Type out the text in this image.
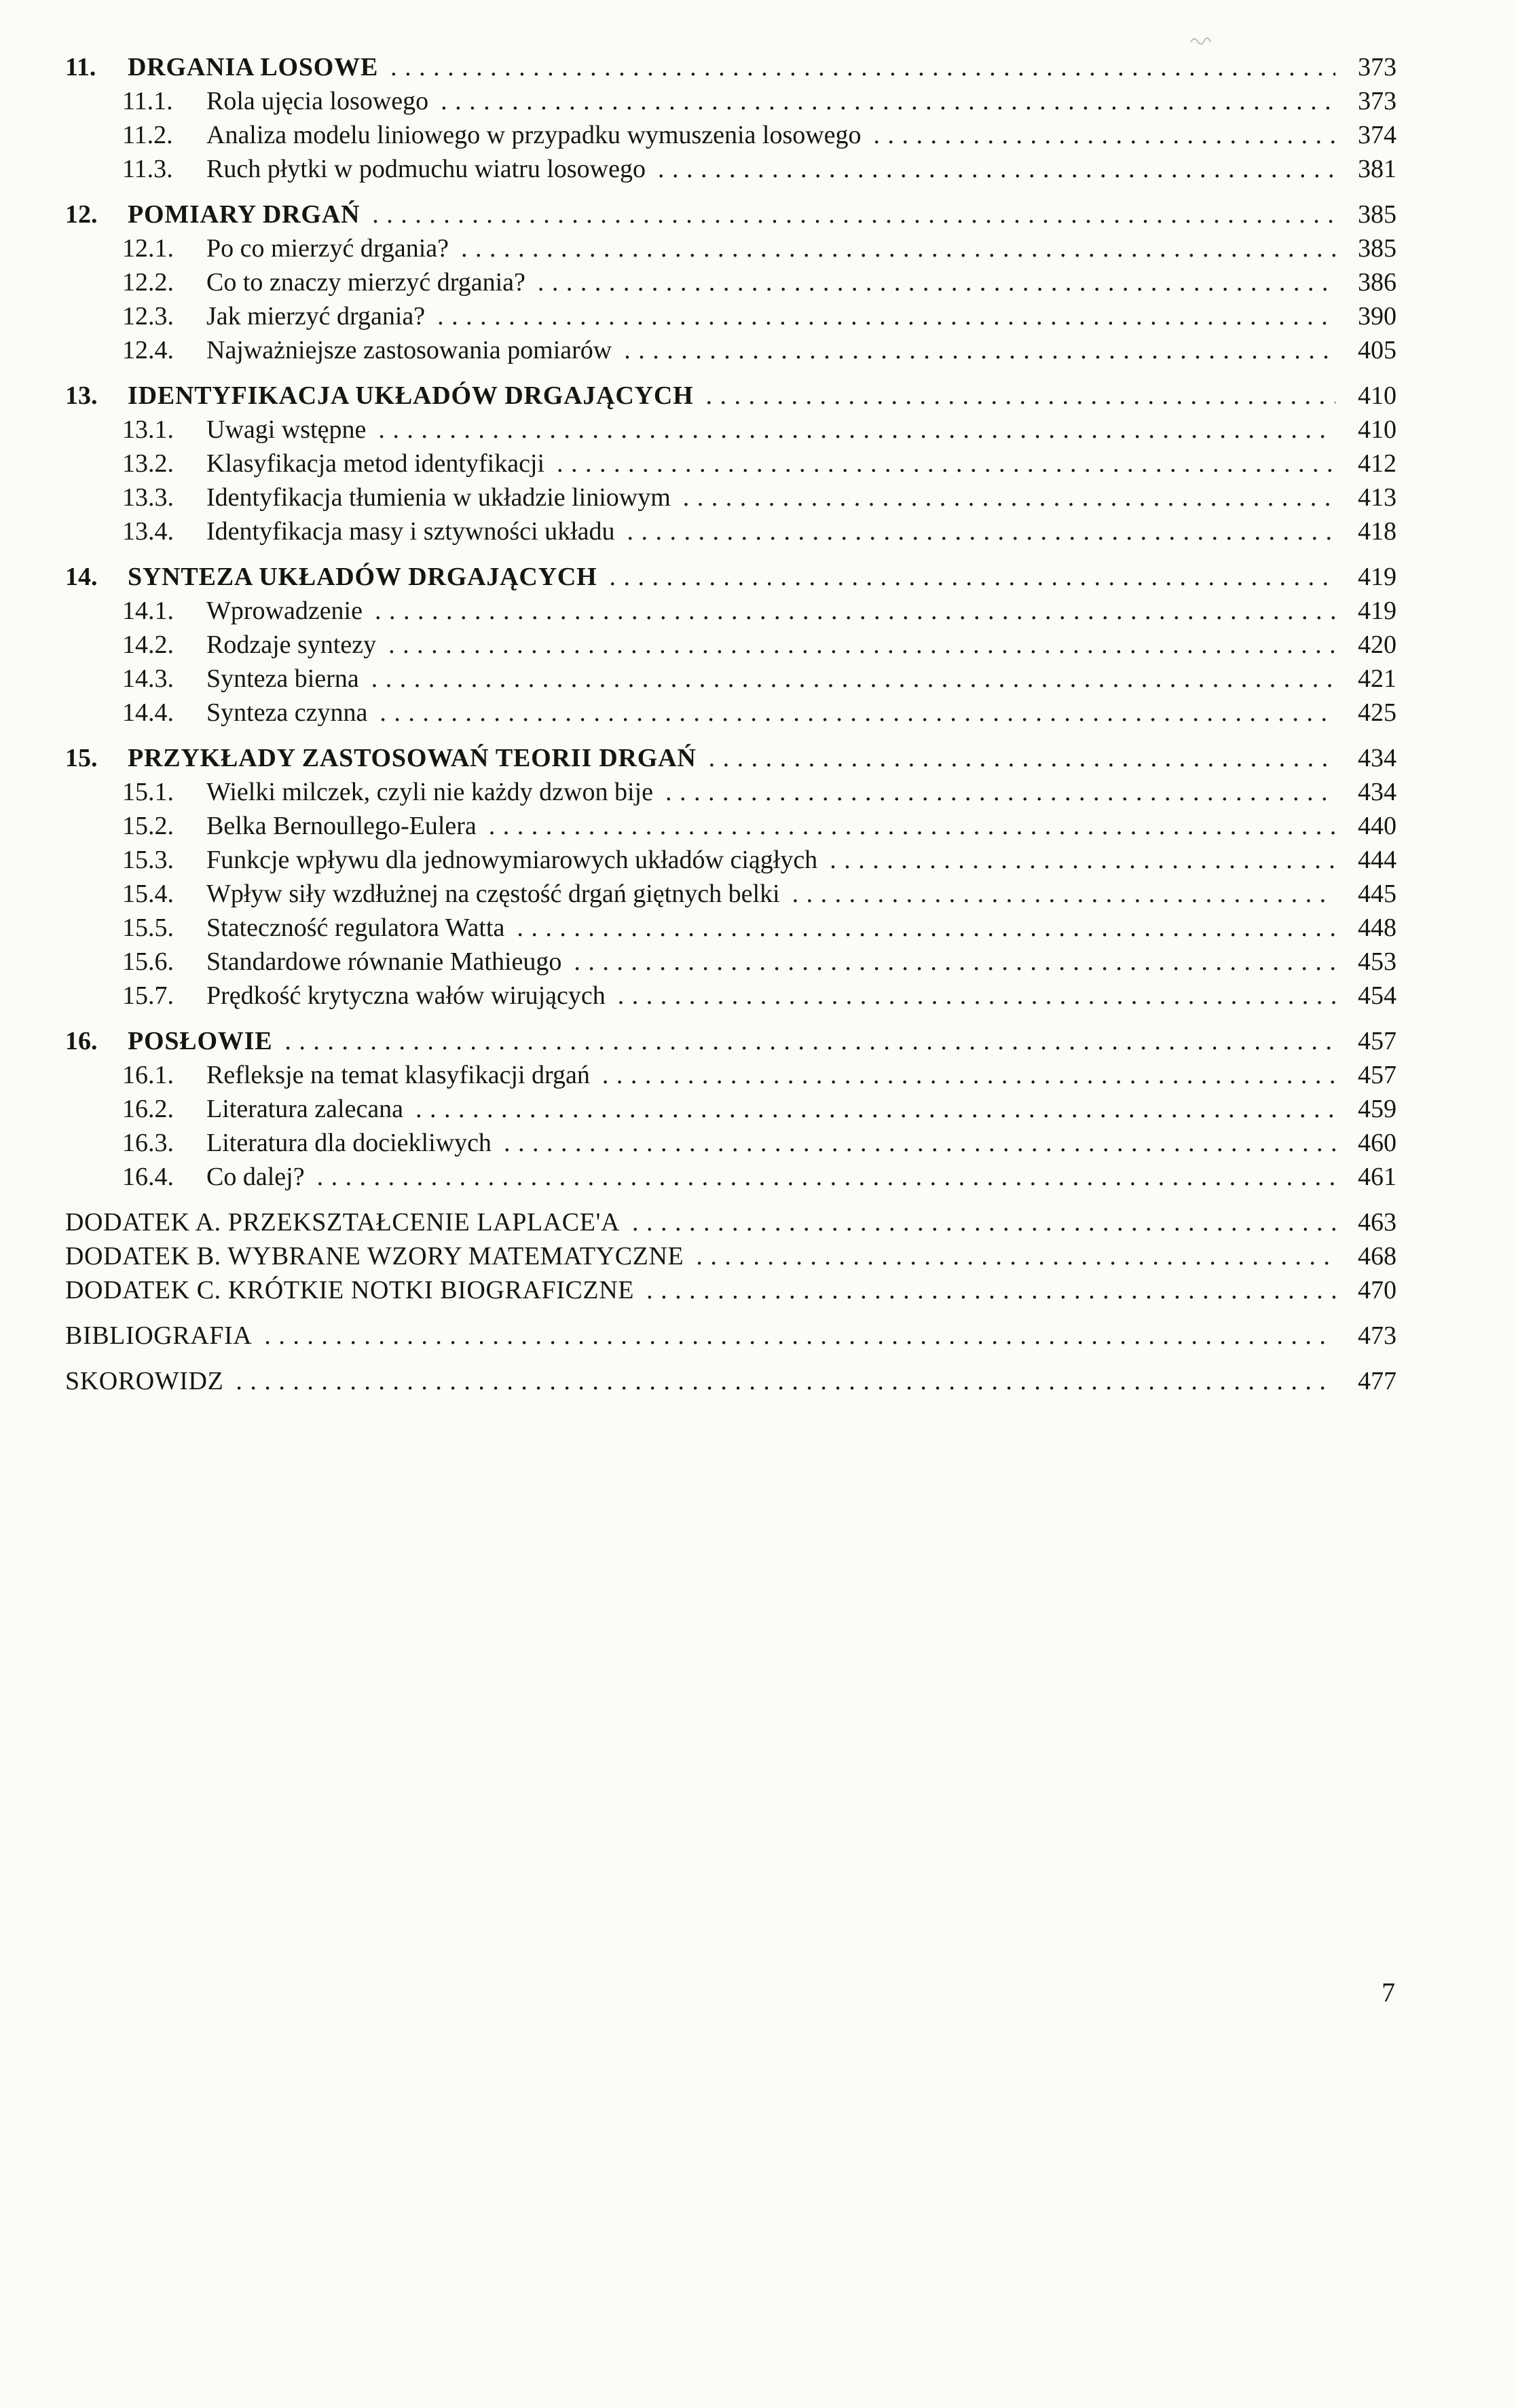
11.	DRGANIA LOSOWE . . .	373
11.1.	Rola ujęcia losowego . . .	373
11.2.	Analiza modelu liniowego w przypadku wymuszenia losowego . . .	374
11.3.	Ruch płytki w podmuchu wiatru losowego . . .	381
12.	POMIARY DRGAŃ . . .	385
12.1.	Po co mierzyć drgania? . . .	385
12.2.	Co to znaczy mierzyć drgania? . . .	386
12.3.	Jak mierzyć drgania? . . .	390
12.4.	Najważniejsze zastosowania pomiarów . . .	405
13.	IDENTYFIKACJA UKŁADÓW DRGAJĄCYCH . . .	410
13.1.	Uwagi wstępne . . .	410
13.2.	Klasyfikacja metod identyfikacji . . .	412
13.3.	Identyfikacja tłumienia w układzie liniowym . . .	413
13.4.	Identyfikacja masy i sztywności układu . . .	418
14.	SYNTEZA UKŁADÓW DRGAJĄCYCH . . .	419
14.1.	Wprowadzenie . . .	419
14.2.	Rodzaje syntezy . . .	420
14.3.	Synteza bierna . . .	421
14.4.	Synteza czynna . . .	425
15.	PRZYKŁADY ZASTOSOWAŃ TEORII DRGAŃ . . .	434
15.1.	Wielki milczek, czyli nie każdy dzwon bije . . .	434
15.2.	Belka Bernoullego-Eulera . . .	440
15.3.	Funkcje wpływu dla jednowymiarowych układów ciągłych . . .	444
15.4.	Wpływ siły wzdłużnej na częstość drgań giętnych belki . . .	445
15.5.	Stateczność regulatora Watta . . .	448
15.6.	Standardowe równanie Mathieugo . . .	453
15.7.	Prędkość krytyczna wałów wirujących . . .	454
16.	POSŁOWIE . . .	457
16.1.	Refleksje na temat klasyfikacji drgań . . .	457
16.2.	Literatura zalecana . . .	459
16.3.	Literatura dla dociekliwych . . .	460
16.4.	Co dalej? . . .	461
DODATEK A. PRZEKSZTAŁCENIE LAPLACE'A . . .	463
DODATEK B. WYBRANE WZORY MATEMATYCZNE . . .	468
DODATEK C. KRÓTKIE NOTKI BIOGRAFICZNE . . .	470
BIBLIOGRAFIA . . .	473
SKOROWIDZ . . .	477
7
